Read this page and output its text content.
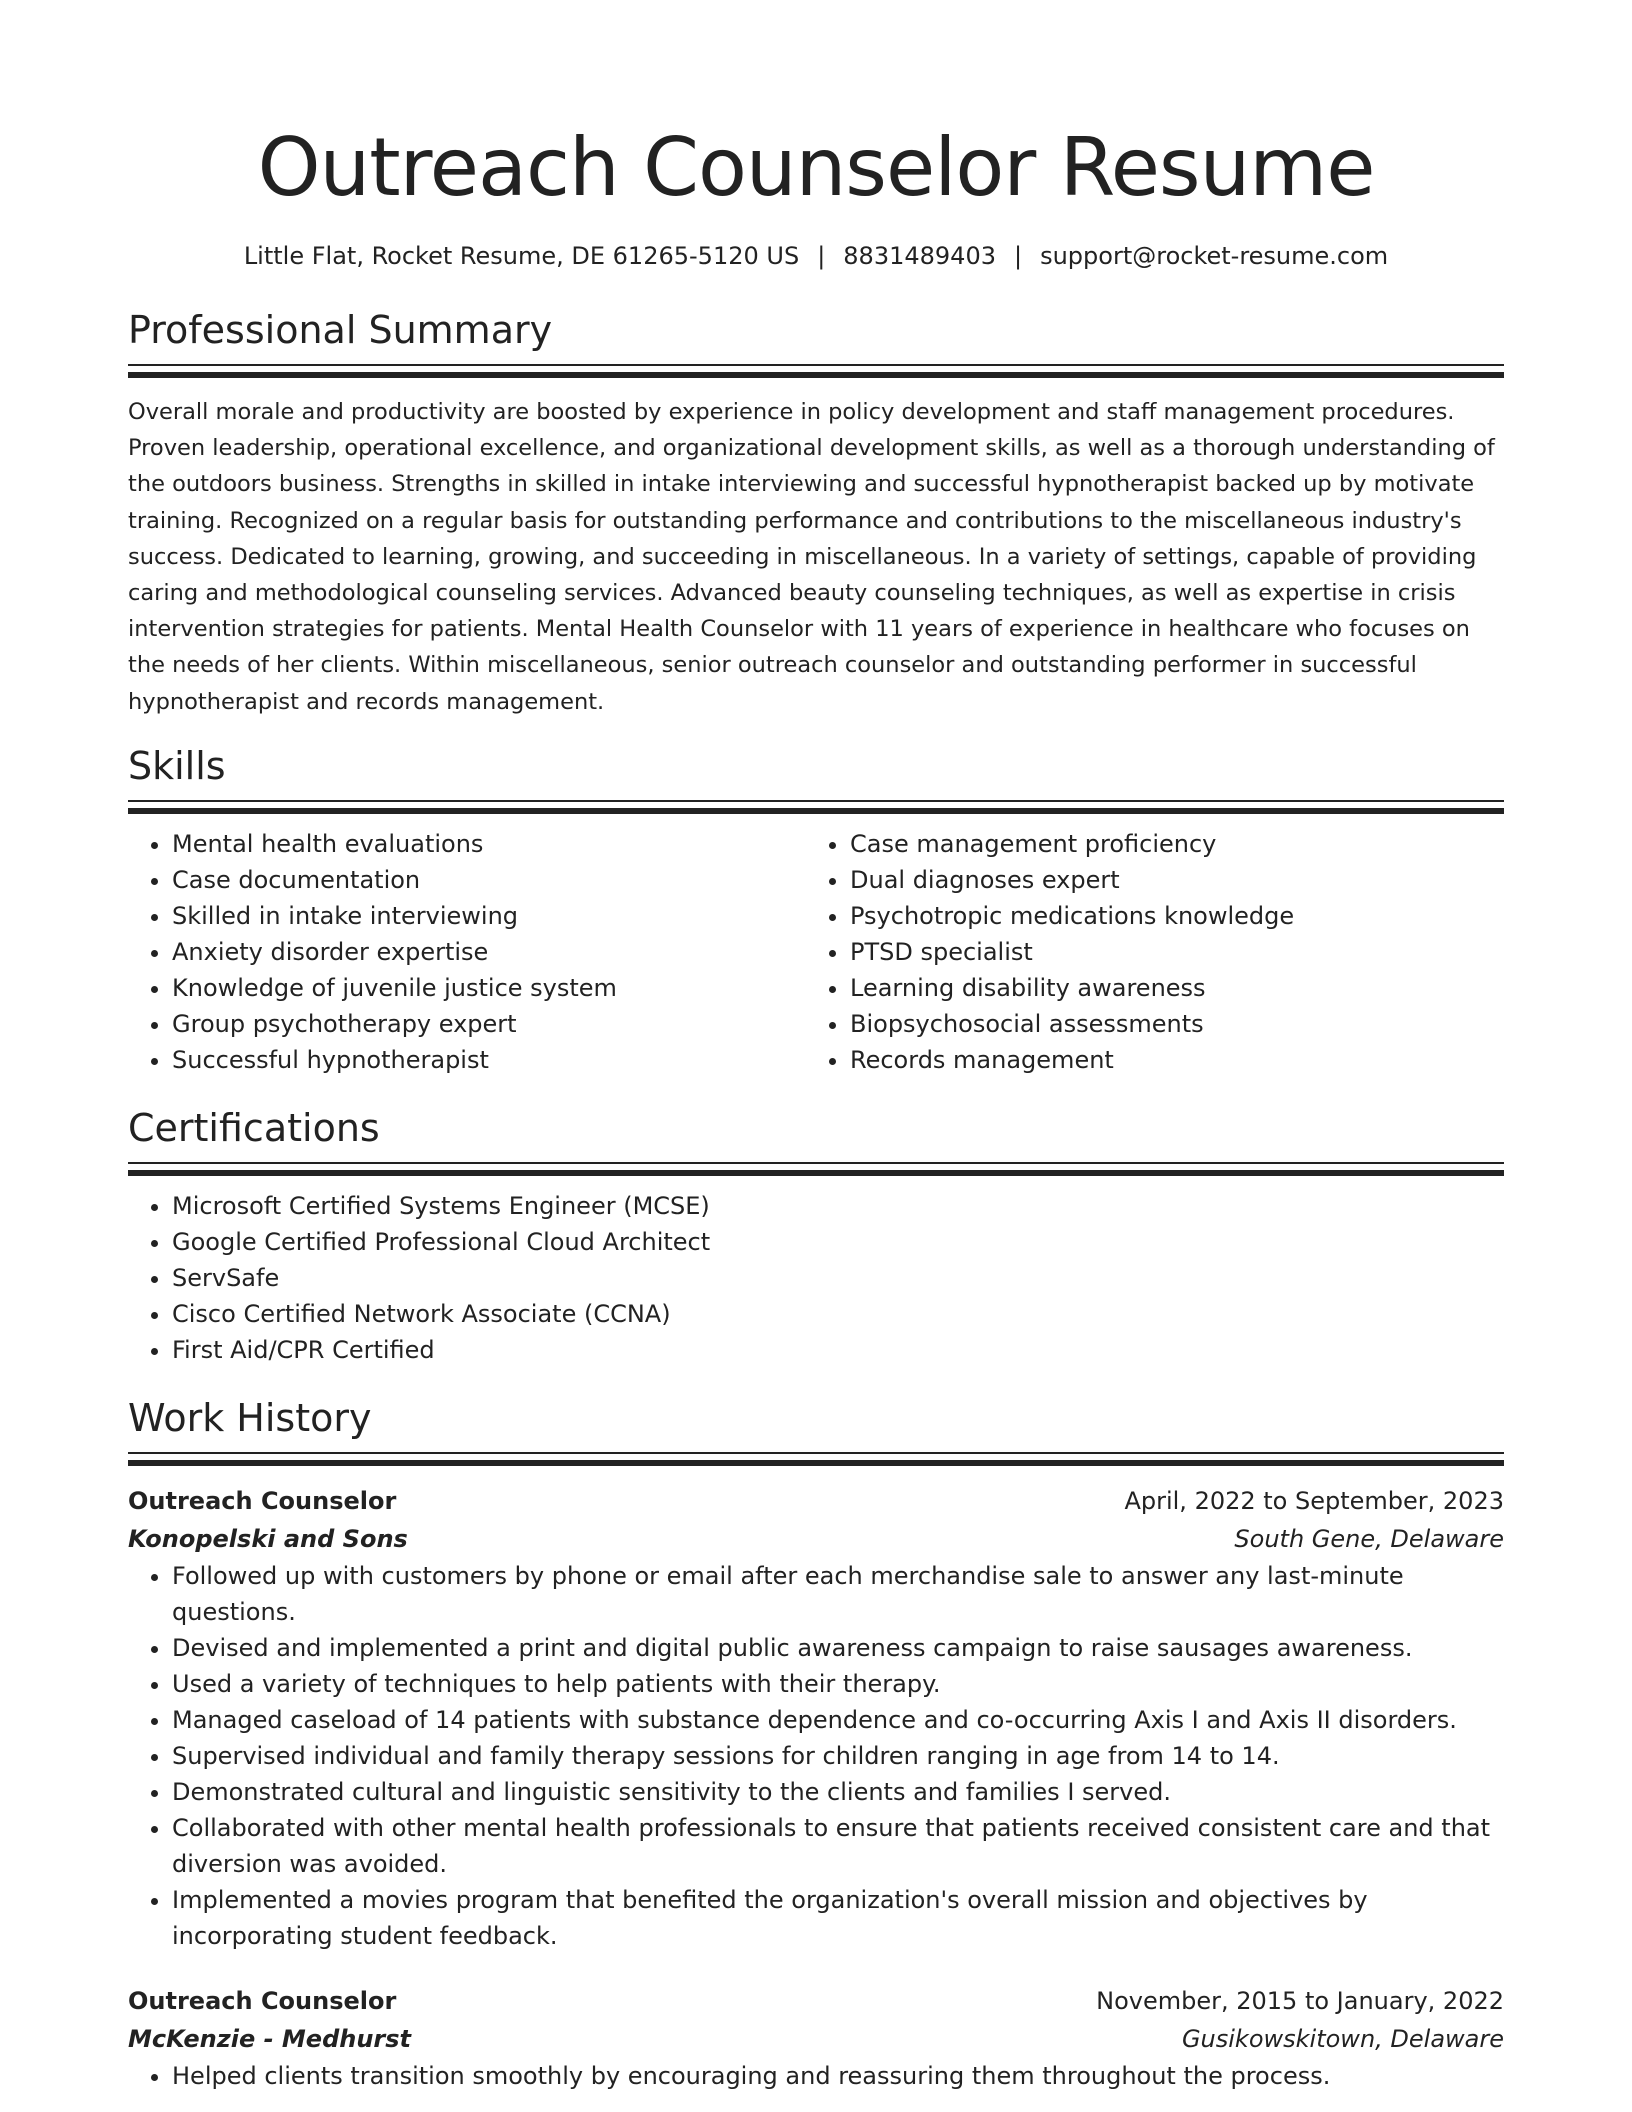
Outreach Counselor Resume
Little Flat, Rocket Resume, DE 61265-5120 US | 8831489403 | support@rocket-resume.com
Professional Summary

Overall morale and productivity are boosted by experience in policy development and staff management procedures. Proven leadership, operational excellence, and organizational development skills, as well as a thorough understanding of the outdoors business. Strengths in skilled in intake interviewing and successful hypnotherapist backed up by motivate training. Recognized on a regular basis for outstanding performance and contributions to the miscellaneous industry's success. Dedicated to learning, growing, and succeeding in miscellaneous. In a variety of settings, capable of providing caring and methodological counseling services. Advanced beauty counseling techniques, as well as expertise in crisis intervention strategies for patients. Mental Health Counselor with 11 years of experience in healthcare who focuses on the needs of her clients. Within miscellaneous, senior outreach counselor and outstanding performer in successful hypnotherapist and records management.

Skills
• Mental health evaluations
• Case documentation
• Skilled in intake interviewing
• Anxiety disorder expertise
• Knowledge of juvenile justice system
• Group psychotherapy expert
• Successful hypnotherapist
• Case management proficiency
• Dual diagnoses expert
• Psychotropic medications knowledge
• PTSD specialist
• Learning disability awareness
• Biopsychosocial assessments
• Records management
Certifications
• Microsoft Certified Systems Engineer (MCSE)
• Google Certified Professional Cloud Architect
• ServSafe
• Cisco Certified Network Associate (CCNA)
• First Aid/CPR Certified
Work History
Outreach Counselor	April, 2022 to September, 2023
Konopelski and Sons	South Gene, Delaware
• Followed up with customers by phone or email after each merchandise sale to answer any last-minute questions.
• Devised and implemented a print and digital public awareness campaign to raise sausages awareness.
• Used a variety of techniques to help patients with their therapy.
• Managed caseload of 14 patients with substance dependence and co-occurring Axis I and Axis II disorders.
• Supervised individual and family therapy sessions for children ranging in age from 14 to 14.
• Demonstrated cultural and linguistic sensitivity to the clients and families I served.
• Collaborated with other mental health professionals to ensure that patients received consistent care and that diversion was avoided.
• Implemented a movies program that benefited the organization's overall mission and objectives by incorporating student feedback.
Outreach Counselor	November, 2015 to January, 2022
McKenzie - Medhurst	Gusikowskitown, Delaware
• Helped clients transition smoothly by encouraging and reassuring them throughout the process.
